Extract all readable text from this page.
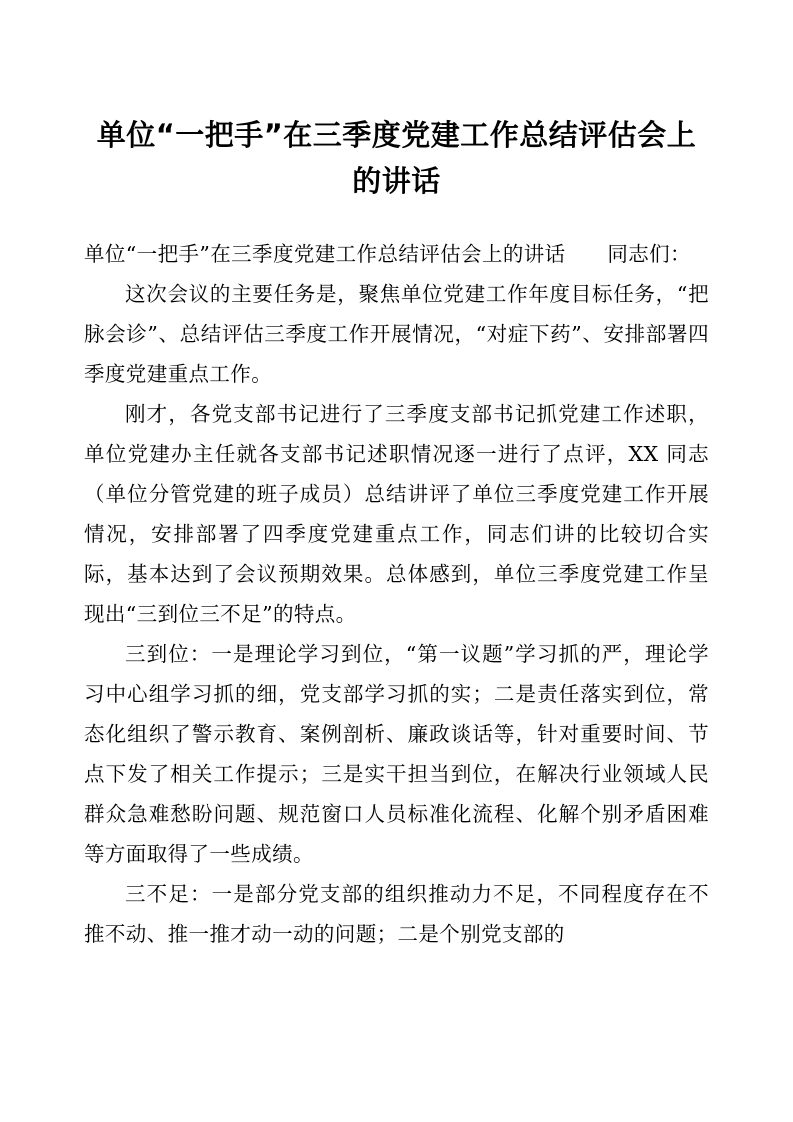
单位“一把手”在三季度党建工作总结评估会上的讲话

单位“一把手”在三季度党建工作总结评估会上的讲话　　同志们：

这次会议的主要任务是，聚焦单位党建工作年度目标任务，“把脉会诊”、总结评估三季度工作开展情况，“对症下药”、安排部署四季度党建重点工作。

刚才，各党支部书记进行了三季度支部书记抓党建工作述职，单位党建办主任就各支部书记述职情况逐一进行了点评，XX 同志（单位分管党建的班子成员）总结讲评了单位三季度党建工作开展情况，安排部署了四季度党建重点工作，同志们讲的比较切合实际，基本达到了会议预期效果。总体感到，单位三季度党建工作呈现出“三到位三不足”的特点。

三到位：一是理论学习到位，“第一议题”学习抓的严，理论学习中心组学习抓的细，党支部学习抓的实；二是责任落实到位，常态化组织了警示教育、案例剖析、廉政谈话等，针对重要时间、节点下发了相关工作提示；三是实干担当到位，在解决行业领域人民群众急难愁盼问题、规范窗口人员标准化流程、化解个别矛盾困难等方面取得了一些成绩。

三不足：一是部分党支部的组织推动力不足，不同程度存在不推不动、推一推才动一动的问题；二是个别党支部的
